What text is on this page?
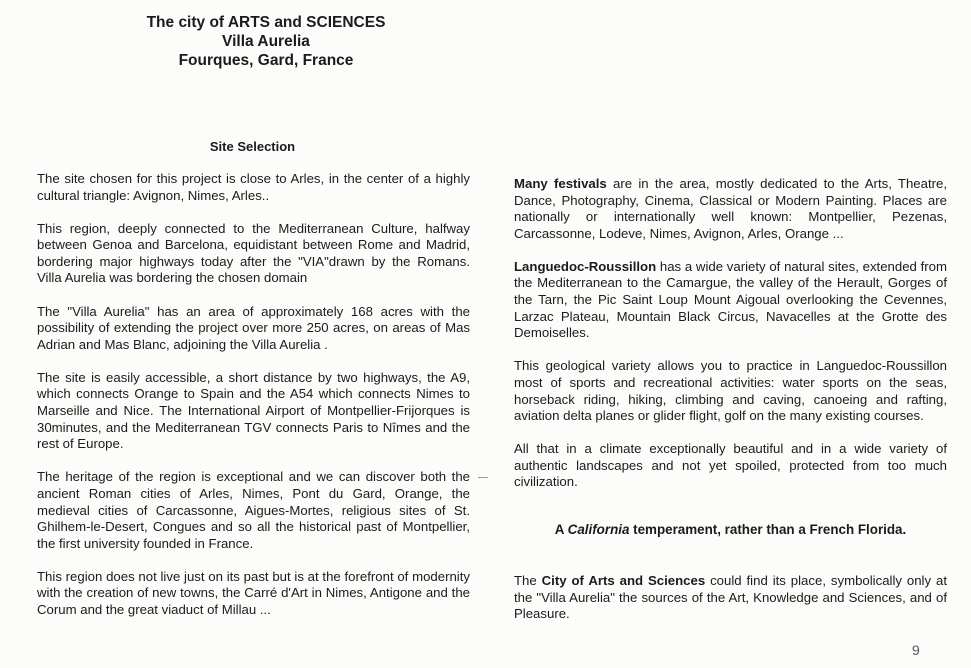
The city of ARTS and SCIENCES
Villa Aurelia
Fourques, Gard, France
Site Selection

The site chosen for this project is close to Arles, in the center of a highly cultural triangle: Avignon, Nimes, Arles..

This region, deeply connected to the Mediterranean Culture, halfway between Genoa and Barcelona, equidistant between Rome and Madrid, bordering major highways today after the "VIA"drawn by the Romans. Villa Aurelia was bordering the chosen domain

The "Villa Aurelia" has an area of approximately 168 acres with the possibility of extending the project over more 250 acres, on areas of Mas Adrian and Mas Blanc, adjoining the Villa Aurelia .

The site is easily accessible, a short distance by two highways, the A9, which connects Orange to Spain and the A54 which connects Nimes to Marseille and Nice. The International Airport of Montpellier-Frijorques is 30minutes, and the Mediterranean TGV connects Paris to Nîmes and the rest of Europe.

The heritage of the region is exceptional and we can discover both the ancient Roman cities of Arles, Nimes, Pont du Gard, Orange, the medieval cities of Carcassonne, Aigues-Mortes, religious sites of St. Ghilhem-le-Desert, Congues and so all the historical past of Montpellier, the first university founded in France.

This region does not live just on its past but is at the forefront of modernity with the creation of new towns, the Carré d'Art in Nimes, Antigone and the Corum and the great viaduct of Millau ...

Many festivals are in the area, mostly dedicated to the Arts, Theatre, Dance, Photography, Cinema, Classical or Modern Painting. Places are nationally or internationally well known: Montpellier, Pezenas, Carcassonne, Lodeve, Nimes, Avignon, Arles, Orange ...

Languedoc-Roussillon has a wide variety of natural sites, extended from the Mediterranean to the Camargue, the valley of the Herault, Gorges of the Tarn, the Pic Saint Loup Mount Aigoual overlooking the Cevennes, Larzac Plateau, Mountain Black Circus, Navacelles at the Grotte des Demoiselles.

This geological variety allows you to practice in Languedoc-Roussillon most of sports and recreational activities: water sports on the seas, horseback riding, hiking, climbing and caving, canoeing and rafting, aviation delta planes or glider flight, golf on the many existing courses.

All that in a climate exceptionally beautiful and in a wide variety of authentic landscapes and not yet spoiled, protected from too much civilization.

A California temperament, rather than a French Florida.

The City of Arts and Sciences could find its place, symbolically only at the "Villa Aurelia" the sources of the Art, Knowledge and Sciences, and of Pleasure.

9
